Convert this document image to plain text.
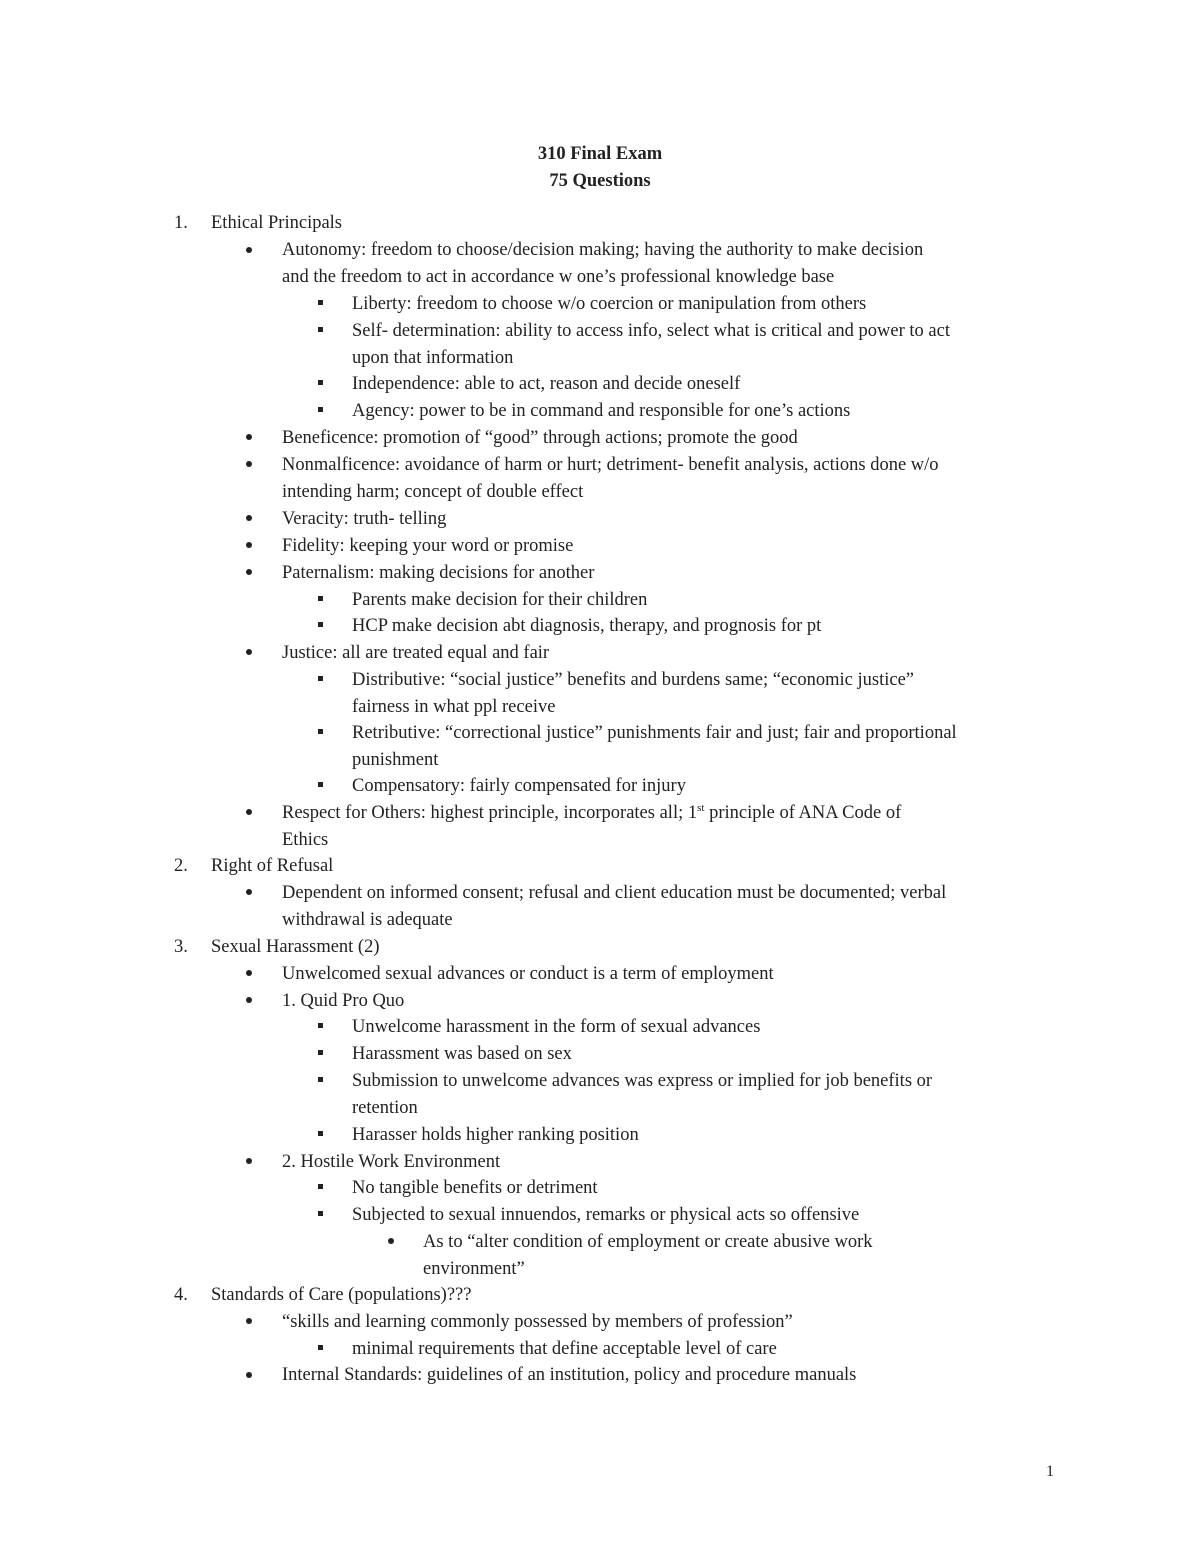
310 Final Exam
75 Questions
1. Ethical Principals
Autonomy: freedom to choose/decision making; having the authority to make decision
and the freedom to act in accordance w one’s professional knowledge base
Liberty: freedom to choose w/o coercion or manipulation from others
Self- determination: ability to access info, select what is critical and power to act
upon that information
Independence: able to act, reason and decide oneself
Agency: power to be in command and responsible for one’s actions
Beneficence: promotion of “good” through actions; promote the good
Nonmalficence: avoidance of harm or hurt; detriment- benefit analysis, actions done w/o
intending harm; concept of double effect
Veracity: truth- telling
Fidelity: keeping your word or promise
Paternalism: making decisions for another
Parents make decision for their children
HCP make decision abt diagnosis, therapy, and prognosis for pt
Justice: all are treated equal and fair
Distributive: “social justice” benefits and burdens same; “economic justice”
fairness in what ppl receive
Retributive: “correctional justice” punishments fair and just; fair and proportional
punishment
Compensatory: fairly compensated for injury
Respect for Others: highest principle, incorporates all; 1st principle of ANA Code of
Ethics
2. Right of Refusal
Dependent on informed consent; refusal and client education must be documented; verbal
withdrawal is adequate
3. Sexual Harassment (2)
Unwelcomed sexual advances or conduct is a term of employment
1. Quid Pro Quo
Unwelcome harassment in the form of sexual advances
Harassment was based on sex
Submission to unwelcome advances was express or implied for job benefits or
retention
Harasser holds higher ranking position
2. Hostile Work Environment
No tangible benefits or detriment
Subjected to sexual innuendos, remarks or physical acts so offensive
As to “alter condition of employment or create abusive work
environment”
4. Standards of Care (populations)???
“skills and learning commonly possessed by members of profession”
minimal requirements that define acceptable level of care
Internal Standards: guidelines of an institution, policy and procedure manuals
1
